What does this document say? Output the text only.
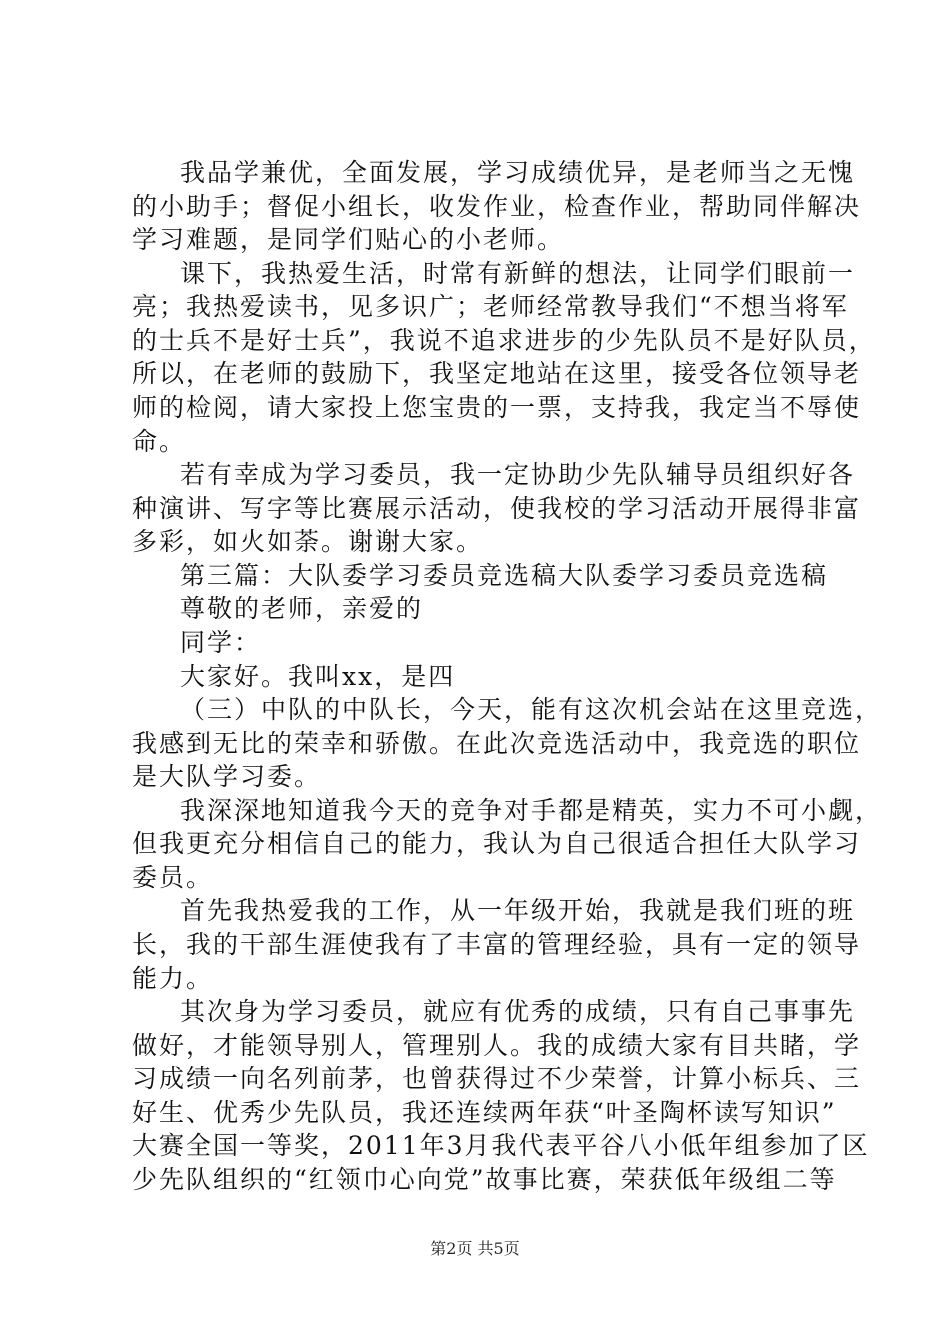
我品学兼优，全面发展，学习成绩优异，是老师当之无愧
的小助手；督促小组长，收发作业，检查作业，帮助同伴解决
学习难题，是同学们贴心的小老师。
课下，我热爱生活，时常有新鲜的想法，让同学们眼前一
亮；我热爱读书，见多识广；老师经常教导我们“不想当将军
的士兵不是好士兵”，我说不追求进步的少先队员不是好队员，
所以，在老师的鼓励下，我坚定地站在这里，接受各位领导老
师的检阅，请大家投上您宝贵的一票，支持我，我定当不辱使
命。
若有幸成为学习委员，我一定协助少先队辅导员组织好各
种演讲、写字等比赛展示活动，使我校的学习活动开展得非富
多彩，如火如荼。谢谢大家。
第三篇：大队委学习委员竞选稿大队委学习委员竞选稿
尊敬的老师，亲爱的
同学：
大家好。我叫xx，是四
（三）中队的中队长，今天，能有这次机会站在这里竞选，
我感到无比的荣幸和骄傲。在此次竞选活动中，我竞选的职位
是大队学习委。
我深深地知道我今天的竞争对手都是精英，实力不可小觑，
但我更充分相信自己的能力，我认为自己很适合担任大队学习
委员。
首先我热爱我的工作，从一年级开始，我就是我们班的班
长，我的干部生涯使我有了丰富的管理经验，具有一定的领导
能力。
其次身为学习委员，就应有优秀的成绩，只有自己事事先
做好，才能领导别人，管理别人。我的成绩大家有目共睹，学
习成绩一向名列前茅，也曾获得过不少荣誉，计算小标兵、三
好生、优秀少先队员，我还连续两年获“叶圣陶杯读写知识”
大赛全国一等奖，2011年3月我代表平谷八小低年组参加了区
少先队组织的“红领巾心向党”故事比赛，荣获低年级组二等
第2页 共5页
